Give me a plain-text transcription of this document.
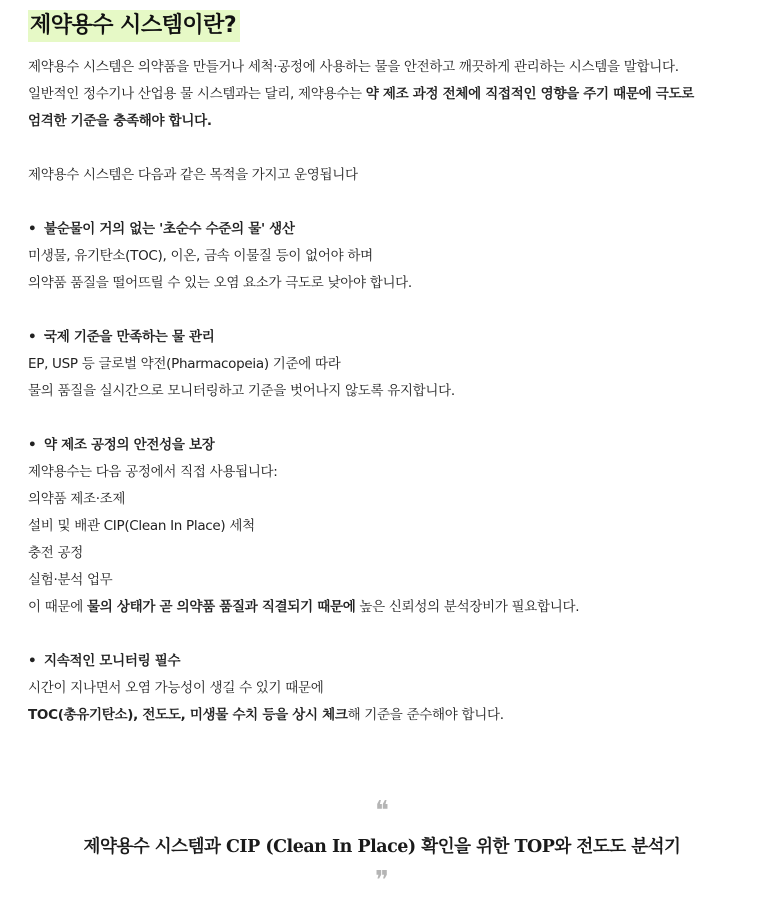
제약용수 시스템이란?
제약용수 시스템은 의약품을 만들거나 세척·공정에 사용하는 물을 안전하고 깨끗하게 관리하는 시스템을 말합니다.
일반적인 정수기나 산업용 물 시스템과는 달리, 제약용수는 약 제조 과정 전체에 직접적인 영향을 주기 때문에 극도로
엄격한 기준을 충족해야 합니다.
제약용수 시스템은 다음과 같은 목적을 가지고 운영됩니다
• 불순물이 거의 없는 '초순수 수준의 물' 생산
미생물, 유기탄소(TOC), 이온, 금속 이물질 등이 없어야 하며
의약품 품질을 떨어뜨릴 수 있는 오염 요소가 극도로 낮아야 합니다.
• 국제 기준을 만족하는 물 관리
EP, USP 등 글로벌 약전(Pharmacopeia) 기준에 따라
물의 품질을 실시간으로 모니터링하고 기준을 벗어나지 않도록 유지합니다.
• 약 제조 공정의 안전성을 보장
제약용수는 다음 공정에서 직접 사용됩니다:
의약품 제조·조제
설비 및 배관 CIP(Clean In Place) 세척
충전 공정
실험·분석 업무
이 때문에 물의 상태가 곧 의약품 품질과 직결되기 때문에 높은 신뢰성의 분석장비가 필요합니다.
• 지속적인 모니터링 필수
시간이 지나면서 오염 가능성이 생길 수 있기 때문에
TOC(총유기탄소), 전도도, 미생물 수치 등을 상시 체크해 기준을 준수해야 합니다.
❝
제약용수 시스템과 CIP (Clean In Place) 확인을 위한 TOP와 전도도 분석기
❞
